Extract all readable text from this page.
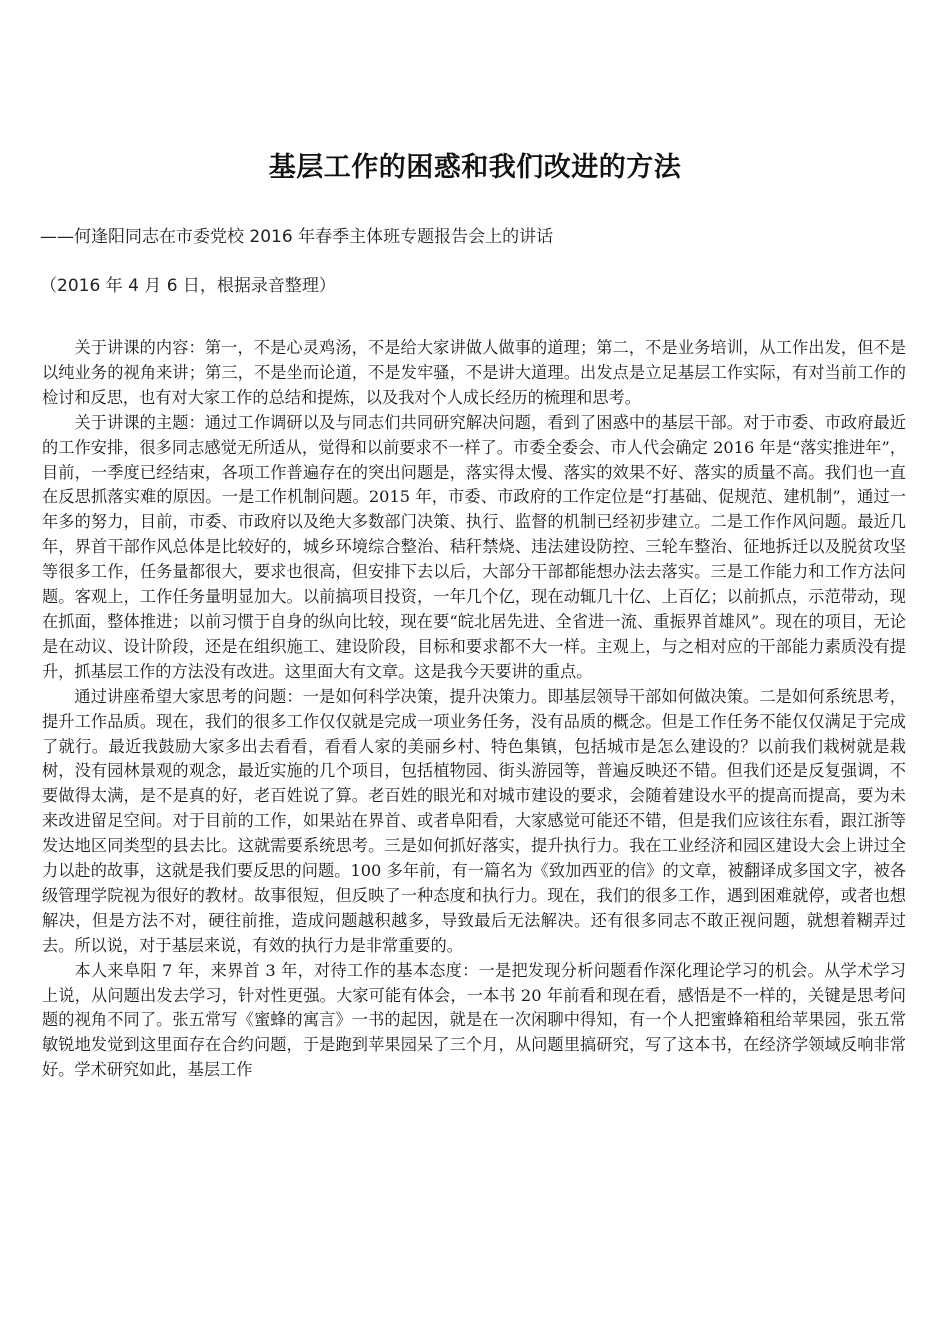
基层工作的困惑和我们改进的方法
——何逢阳同志在市委党校 2016 年春季主体班专题报告会上的讲话
（2016 年 4 月 6 日，根据录音整理）

关于讲课的内容：第一，不是心灵鸡汤，不是给大家讲做人做事的道理；第二，不是业务培训，从工作出发，但不是以纯业务的视角来讲；第三，不是坐而论道，不是发牢骚，不是讲大道理。出发点是立足基层工作实际，有对当前工作的检讨和反思，也有对大家工作的总结和提炼，以及我对个人成长经历的梳理和思考。

关于讲课的主题：通过工作调研以及与同志们共同研究解决问题，看到了困惑中的基层干部。对于市委、市政府最近的工作安排，很多同志感觉无所适从，觉得和以前要求不一样了。市委全委会、市人代会确定 2016 年是“落实推进年”，目前，一季度已经结束，各项工作普遍存在的突出问题是，落实得太慢、落实的效果不好、落实的质量不高。我们也一直在反思抓落实难的原因。一是工作机制问题。2015 年，市委、市政府的工作定位是“打基础、促规范、建机制”，通过一年多的努力，目前，市委、市政府以及绝大多数部门决策、执行、监督的机制已经初步建立。二是工作作风问题。最近几年，界首干部作风总体是比较好的，城乡环境综合整治、秸秆禁烧、违法建设防控、三轮车整治、征地拆迁以及脱贫攻坚等很多工作，任务量都很大，要求也很高，但安排下去以后，大部分干部都能想办法去落实。三是工作能力和工作方法问题。客观上，工作任务量明显加大。以前搞项目投资，一年几个亿，现在动辄几十亿、上百亿；以前抓点，示范带动，现在抓面，整体推进；以前习惯于自身的纵向比较，现在要“皖北居先进、全省进一流、重振界首雄风”。现在的项目，无论是在动议、设计阶段，还是在组织施工、建设阶段，目标和要求都不大一样。主观上，与之相对应的干部能力素质没有提升，抓基层工作的方法没有改进。这里面大有文章。这是我今天要讲的重点。

通过讲座希望大家思考的问题：一是如何科学决策，提升决策力。即基层领导干部如何做决策。二是如何系统思考，提升工作品质。现在，我们的很多工作仅仅就是完成一项业务任务，没有品质的概念。但是工作任务不能仅仅满足于完成了就行。最近我鼓励大家多出去看看，看看人家的美丽乡村、特色集镇，包括城市是怎么建设的？以前我们栽树就是栽树，没有园林景观的观念，最近实施的几个项目，包括植物园、街头游园等，普遍反映还不错。但我们还是反复强调，不要做得太满，是不是真的好，老百姓说了算。老百姓的眼光和对城市建设的要求，会随着建设水平的提高而提高，要为未来改进留足空间。对于目前的工作，如果站在界首、或者阜阳看，大家感觉可能还不错，但是我们应该往东看，跟江浙等发达地区同类型的县去比。这就需要系统思考。三是如何抓好落实，提升执行力。我在工业经济和园区建设大会上讲过全力以赴的故事，这就是我们要反思的问题。100 多年前，有一篇名为《致加西亚的信》的文章，被翻译成多国文字，被各级管理学院视为很好的教材。故事很短，但反映了一种态度和执行力。现在，我们的很多工作，遇到困难就停，或者也想解决，但是方法不对，硬往前推，造成问题越积越多，导致最后无法解决。还有很多同志不敢正视问题，就想着糊弄过去。所以说，对于基层来说，有效的执行力是非常重要的。

本人来阜阳 7 年，来界首 3 年，对待工作的基本态度：一是把发现分析问题看作深化理论学习的机会。从学术学习上说，从问题出发去学习，针对性更强。大家可能有体会，一本书 20 年前看和现在看，感悟是不一样的，关键是思考问题的视角不同了。张五常写《蜜蜂的寓言》一书的起因，就是在一次闲聊中得知，有一个人把蜜蜂箱租给苹果园，张五常敏锐地发觉到这里面存在合约问题，于是跑到苹果园呆了三个月，从问题里搞研究，写了这本书，在经济学领域反响非常好。学术研究如此，基层工作
